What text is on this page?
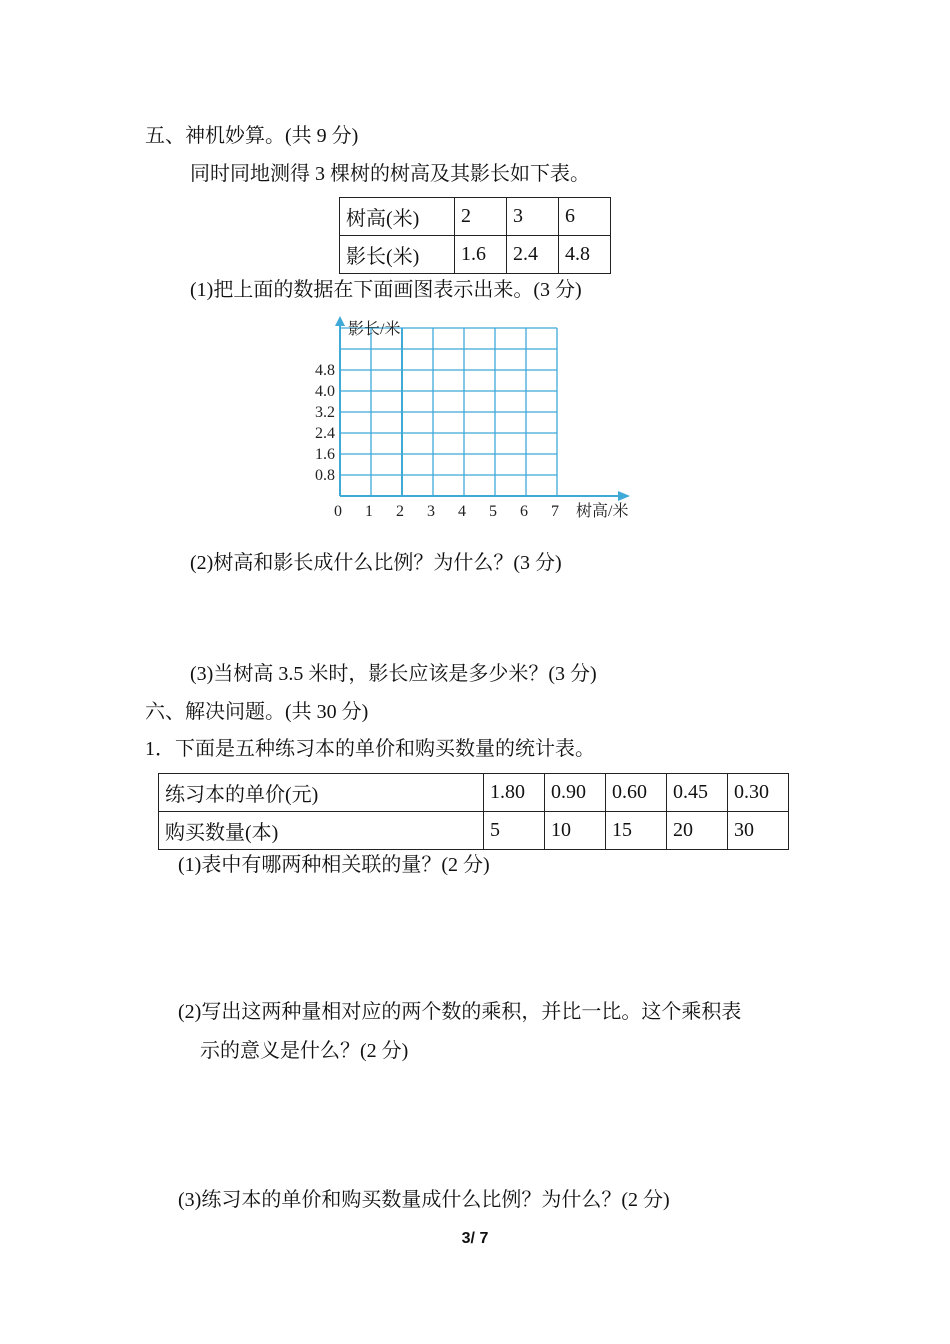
五、神机妙算。(共 9 分)
同时同地测得 3 棵树的树高及其影长如下表。
树高(米)	2	3	6
影长(米)	1.6	2.4	4.8
(1)把上面的数据在下面画图表示出来。(3 分)
0.8
1.6
2.4
3.2
4.0
4.8
0 1 2 3 4 5 6 7
影长/米
树高/米
(2)树高和影长成什么比例？为什么？(3 分)
(3)当树高 3.5 米时，影长应该是多少米？(3 分)
六、解决问题。(共 30 分)
1．下面是五种练习本的单价和购买数量的统计表。
练习本的单价(元)	1.80	0.90	0.60	0.45	0.30
购买数量(本)	5	10	15	20	30
(1)表中有哪两种相关联的量？(2 分)
(2)写出这两种量相对应的两个数的乘积，并比一比。这个乘积表
示的意义是什么？(2 分)
(3)练习本的单价和购买数量成什么比例？为什么？(2 分)
3/ 7
